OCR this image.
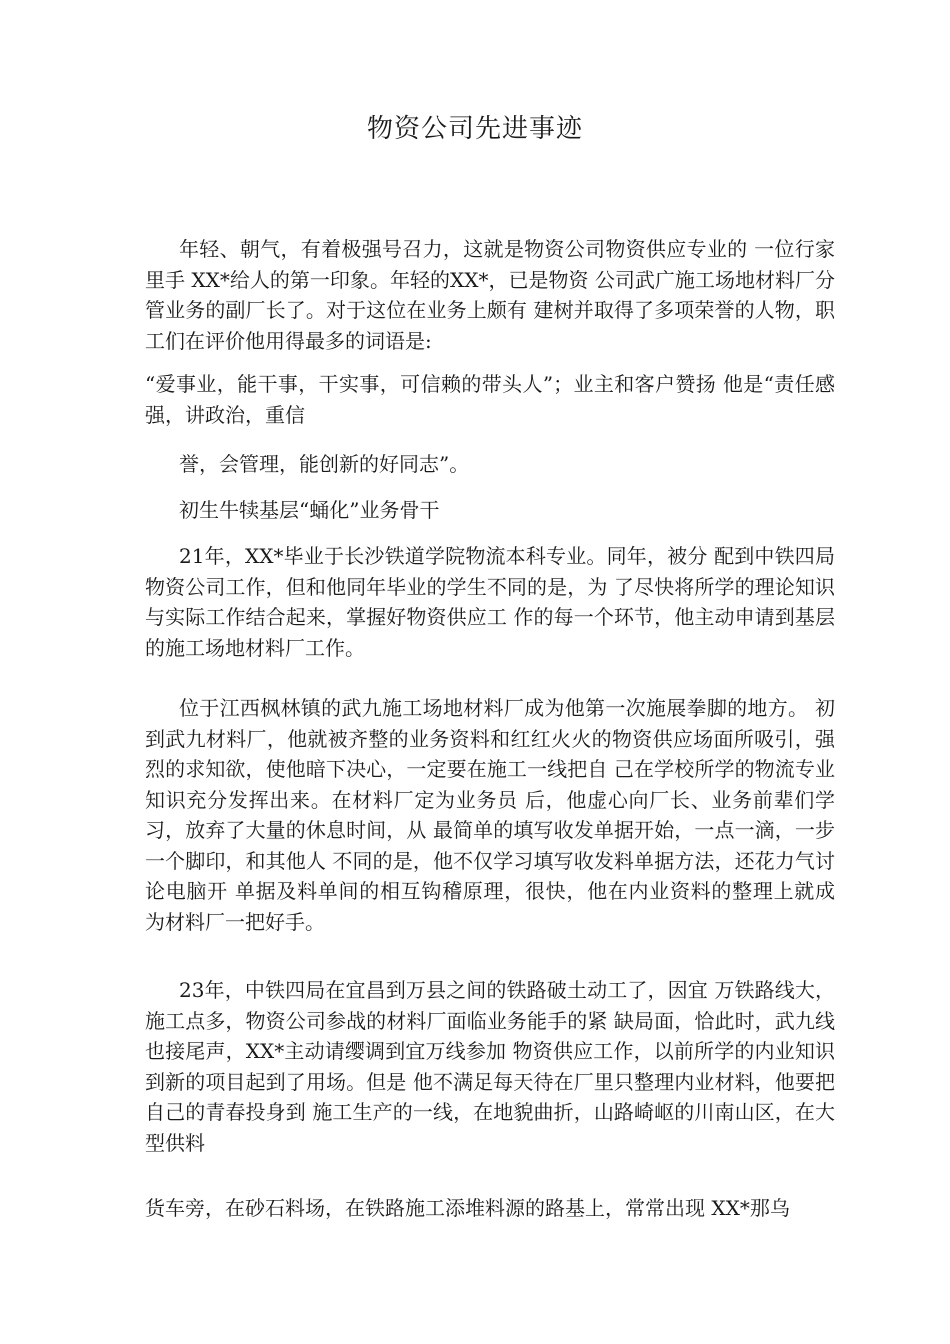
物资公司先进事迹

年轻、朝气，有着极强号召力，这就是物资公司物资供应专业的 一位行家里手 XX*给人的第一印象。年轻的XX*，已是物资 公司武广施工场地材料厂分管业务的副厂长了。对于这位在业务上颇有 建树并取得了多项荣誉的人物，职工们在评价他用得最多的词语是:

“爱事业，能干事，干实事，可信赖的带头人”；业主和客户赞扬 他是“责任感强，讲政治，重信

誉，会管理，能创新的好同志”。

初生牛犊基层“蛹化”业务骨干

21年，XX*毕业于长沙铁道学院物流本科专业。同年，被分 配到中铁四局物资公司工作，但和他同年毕业的学生不同的是，为 了尽快将所学的理论知识与实际工作结合起来，掌握好物资供应工 作的每一个环节，他主动申请到基层的施工场地材料厂工作。

位于江西枫林镇的武九施工场地材料厂成为他第一次施展拳脚的地方。 初到武九材料厂，他就被齐整的业务资料和红红火火的物资供应场面所吸引，强烈的求知欲，使他暗下决心，一定要在施工一线把自 己在学校所学的物流专业知识充分发挥出来。在材料厂定为业务员 后，他虚心向厂长、业务前辈们学习，放弃了大量的休息时间，从 最简单的填写收发单据开始，一点一滴，一步一个脚印，和其他人 不同的是，他不仅学习填写收发料单据方法，还花力气讨论电脑开 单据及料单间的相互钩稽原理，很快，他在内业资料的整理上就成 为材料厂一把好手。

23年，中铁四局在宜昌到万县之间的铁路破土动工了，因宜 万铁路线大，施工点多，物资公司参战的材料厂面临业务能手的紧 缺局面，恰此时，武九线也接尾声，XX*主动请缨调到宜万线参加 物资供应工作，以前所学的内业知识到新的项目起到了用场。但是 他不满足每天待在厂里只整理内业材料，他要把自己的青春投身到 施工生产的一线，在地貌曲折，山路崎岖的川南山区，在大型供料

货车旁，在砂石料场，在铁路施工添堆料源的路基上，常常出现 XX*那乌
